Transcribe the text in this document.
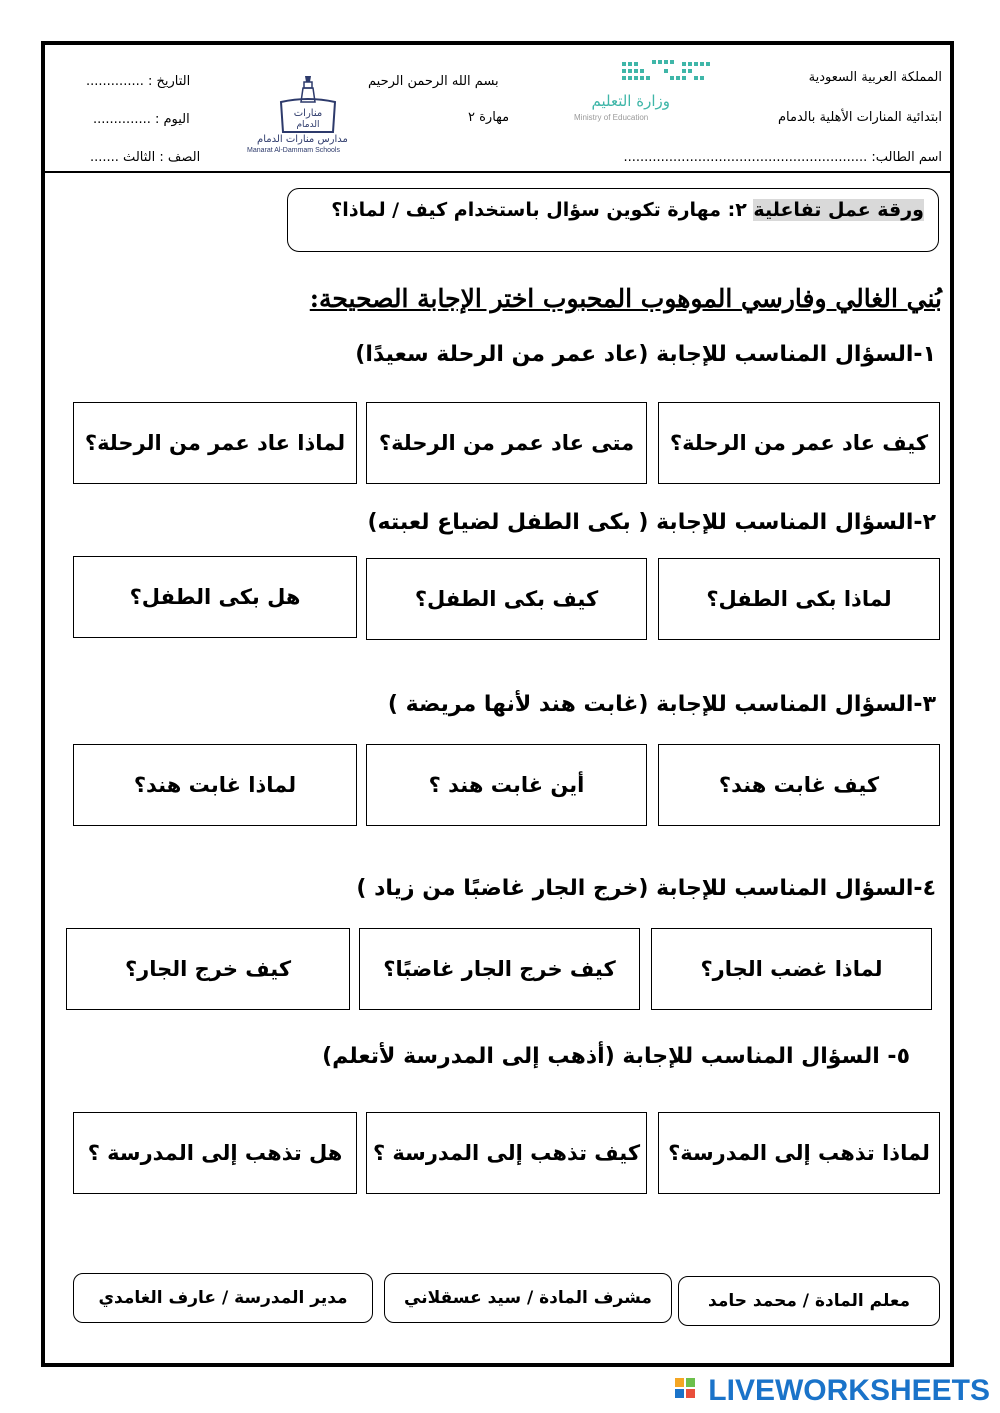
المملكة العربية السعودية
ابتدائية المنارات الأهلية بالدمام
اسم الطالب: ...........................................................
وزارة التعليم
Ministry of Education
بسم الله الرحمن الرحيم
مهارة ٢
منارات
الدمام
مدارس منارات الدمام
Manarat Al-Dammam Schools
التاريخ : ..............
اليوم : ..............
الصف : الثالث .......
ورقة عمل تفاعلية ٢: مهارة تكوين سؤال باستخدام كيف / لماذا؟
بُني الغالي وفارسي الموهوب المحبوب اختر الإجابة الصحيحة:
١-السؤال المناسب للإجابة (عاد عمر من الرحلة سعيدًا)
كيف عاد عمر من الرحلة؟
متى عاد عمر من الرحلة؟
لماذا عاد عمر من الرحلة؟
٢-السؤال المناسب للإجابة ( بكى الطفل لضياع لعبته)
لماذا بكى الطفل؟
كيف بكى الطفل؟
هل بكى الطفل؟
٣-السؤال المناسب للإجابة (غابت هند لأنها مريضة )
كيف غابت هند؟
أين غابت هند ؟
لماذا غابت هند؟
٤-السؤال المناسب للإجابة (خرج الجار غاضبًا من زياد )
لماذا غضب الجار؟
كيف خرج الجار غاضبًا؟
كيف خرج الجار؟
٥- السؤال المناسب للإجابة (أذهب إلى المدرسة لأتعلم)
لماذا تذهب إلى المدرسة؟
كيف تذهب إلى المدرسة ؟
هل تذهب إلى المدرسة ؟
معلم المادة / محمد حامد
مشرف المادة / سيد عسقلاني
مدير المدرسة / عارف الغامدي
LIVEWORKSHEETS
